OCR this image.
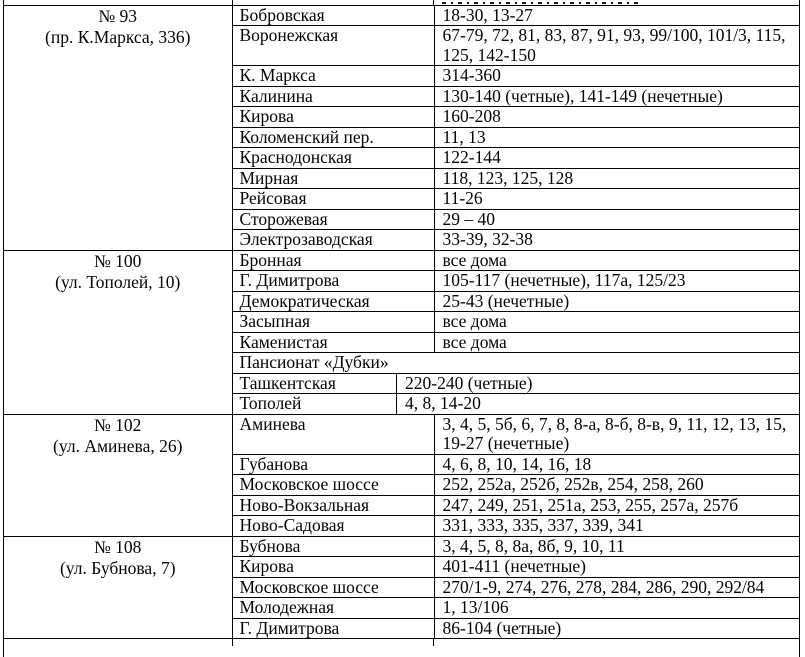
№ 93
(пр. К.Маркса, 336)
Бобровская	18-30, 13-27
Воронежская	67-79, 72, 81, 83, 87, 91, 93, 99/100, 101/3, 115, 125, 142-150
К. Маркса	314-360
Калинина	130-140 (четные), 141-149 (нечетные)
Кирова	160-208
Коломенский пер.	11, 13
Краснодонская	122-144
Мирная	118, 123, 125, 128
Рейсовая	11-26
Сторожевая	29 – 40
Электрозаводская	33-39, 32-38
№ 100
(ул. Тополей, 10)
Бронная	все дома
Г. Димитрова	105-117 (нечетные), 117а, 125/23
Демократическая	25-43 (нечетные)
Засыпная	все дома
Каменистая	все дома
Пансионат «Дубки»
Ташкентская	220-240 (четные)
Тополей	4, 8, 14-20
№ 102
(ул. Аминева, 26)
Аминева	3, 4, 5, 5б, 6, 7, 8, 8-а, 8-б, 8-в, 9, 11, 12, 13, 15, 19-27 (нечетные)
Губанова	4, 6, 8, 10, 14, 16, 18
Московское шоссе	252, 252а, 252б, 252в, 254, 258, 260
Ново-Вокзальная	247, 249, 251, 251а, 253, 255, 257а, 257б
Ново-Садовая	331, 333, 335, 337, 339, 341
№ 108
(ул. Бубнова, 7)
Бубнова	3, 4, 5, 8, 8а, 8б, 9, 10, 11
Кирова	401-411 (нечетные)
Московское шоссе	270/1-9, 274, 276, 278, 284, 286, 290, 292/84
Молодежная	1, 13/106
Г. Димитрова	86-104 (четные)
